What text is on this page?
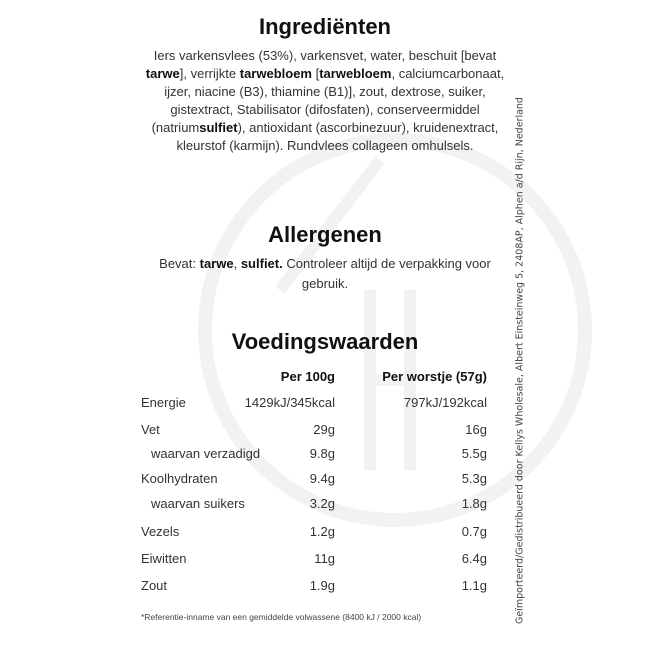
Ingrediënten
Iers varkensvlees (53%), varkensvet, water, beschuit [bevat tarwe], verrijkte tarwebloem [tarwebloem, calciumcarbonaat, ijzer, niacine (B3), thiamine (B1)], zout, dextrose, suiker, gistextract, Stabilisator (difosfaten), conserveermiddel (natriumsulfiet), antioxidant (ascorbinezuur), kruidenextract, kleurstof (karmijn). Rundvlees collageen omhulsels.
Allergenen
Bevat: tarwe, sulfiet. Controleer altijd de verpakking voor gebruik.
Voedingswaarden
Per 100g	Per worstje (57g)
Energie	1429kJ/345kcal	797kJ/192kcal
Vet	29g	16g
waarvan verzadigd	9.8g	5.5g
Koolhydraten	9.4g	5.3g
waarvan suikers	3.2g	1.8g
Vezels	1.2g	0.7g
Eiwitten	11g	6.4g
Zout	1.9g	1.1g
*Referentie-inname van een gemiddelde volwassene (8400 kJ / 2000 kcal)	Geïmporteerd/Gedistribueerd door Kellys Wholesale, Albert Einsteinweg 5, 2408AP, Alphen a/d Rijn, Nederland
